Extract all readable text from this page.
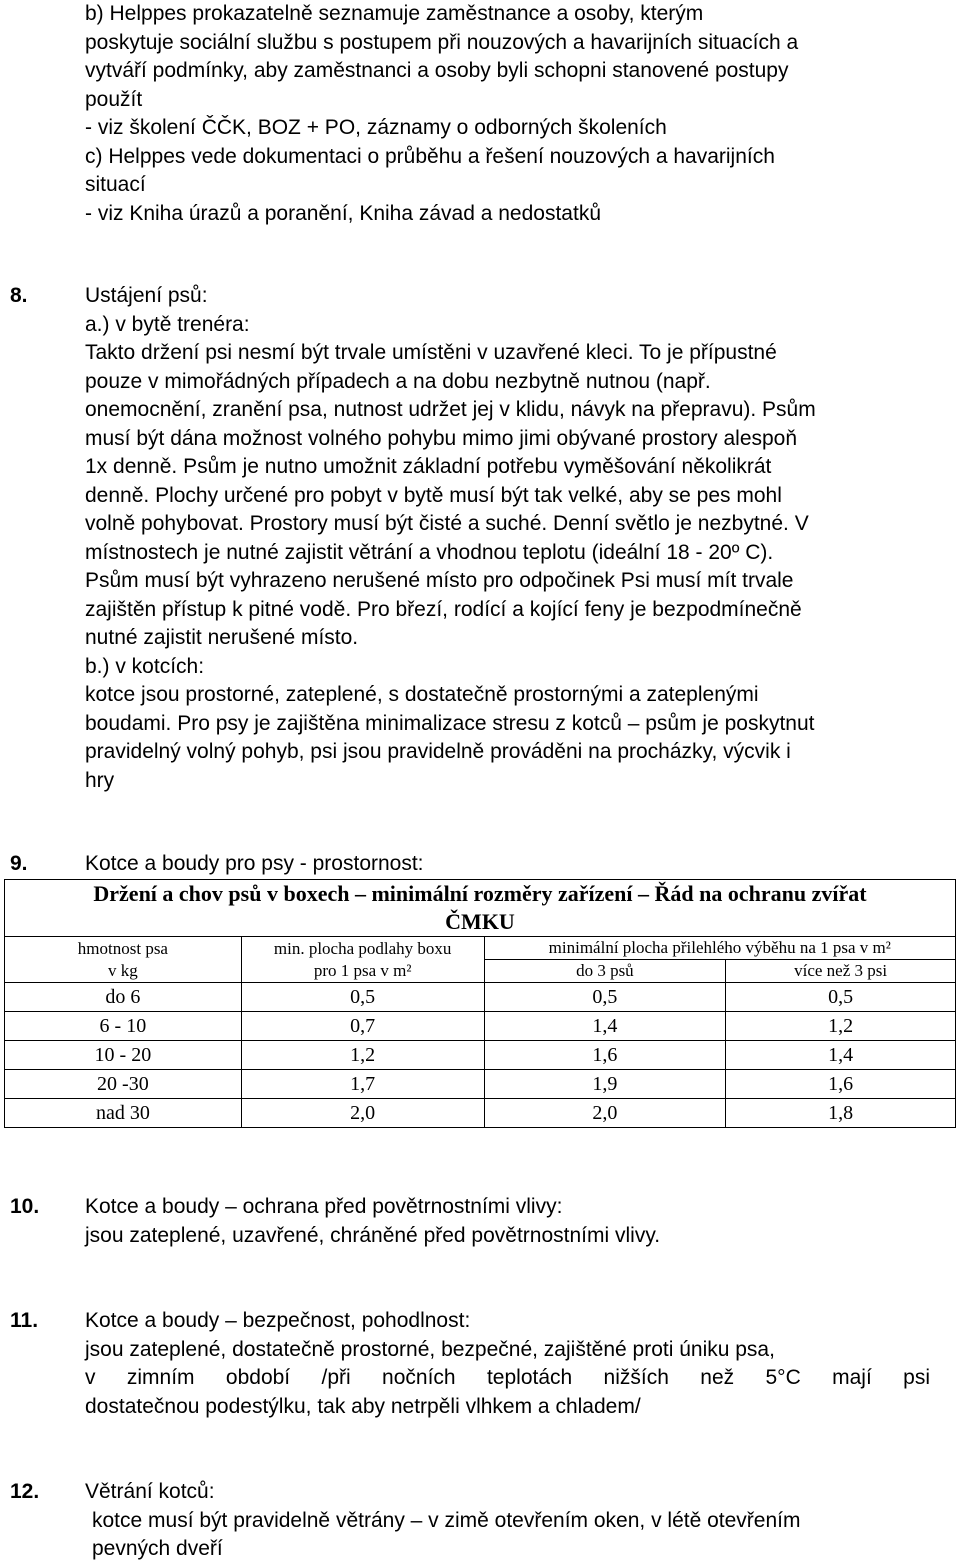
b) Helppes prokazatelně seznamuje zaměstnance a osoby, kterým

poskytuje sociální službu s postupem při nouzových a havarijních situacích a

vytváří podmínky, aby zaměstnanci a osoby byli schopni stanovené postupy

použít

- viz školení ČČK, BOZ + PO, záznamy o odborných školeních

c) Helppes vede dokumentaci o průběhu a řešení nouzových a havarijních

situací

- viz Kniha úrazů a poranění, Kniha závad a nedostatků

8.	Ustájení psů:

a.) v bytě trenéra:

Takto držení psi nesmí být trvale umístěni v uzavřené kleci. To je přípustné

pouze v mimořádných případech a na dobu nezbytně nutnou (např.

onemocnění, zranění psa, nutnost udržet jej v klidu, návyk na přepravu). Psům

musí být dána možnost volného pohybu mimo jimi obývané prostory alespoň

1x denně. Psům je nutno umožnit základní potřebu vyměšování několikrát

denně. Plochy určené pro pobyt v bytě musí být tak velké, aby se pes mohl

volně pohybovat. Prostory musí být čisté a suché. Denní světlo je nezbytné. V

místnostech je nutné zajistit větrání a vhodnou teplotu (ideální 18 - 20º C).

Psům musí být vyhrazeno nerušené místo pro odpočinek Psi musí mít trvale

zajištěn přístup k pitné vodě. Pro březí, rodící a kojící feny je bezpodmínečně

nutné zajistit nerušené místo.

b.) v kotcích:

kotce jsou prostorné, zateplené, s dostatečně prostornými a zateplenými

boudami. Pro psy je zajištěna minimalizace stresu z kotců – psům je poskytnut

pravidelný volný pohyb, psi jsou pravidelně prováděni na procházky, výcvik i

hry

9.	Kotce a boudy pro psy - prostornost:

Držení a chov psů v boxech – minimální rozměry zařízení – Řád na ochranu zvířat
ČMKU			

hmotnost psa
v kg	min. plocha podlahy boxu
pro 1 psa v m²	minimální plocha přilehlého výběhu na 1 psa v m²	
		do 3 psů	více než 3 psi
do 6	0,5	0,5	0,5
6 - 10	0,7	1,4	1,2
10 - 20	1,2	1,6	1,4
20 -30	1,7	1,9	1,6
nad 30	2,0	2,0	1,8
10. Kotce a boudy – ochrana před povětrnostními vlivy:

jsou zateplené, uzavřené, chráněné před povětrnostními vlivy.

11. Kotce a boudy – bezpečnost, pohodlnost:

jsou zateplené, dostatečně prostorné, bezpečné, zajištěné proti úniku psa,

v zimním období /při nočních teplotách nižších než 5°C mají psi

dostatečnou podestýlku, tak aby netrpěli vlhkem a chladem/

12. Větrání kotců:

kotce musí být pravidelně větrány – v zimě otevřením oken, v létě otevřením

pevných dveří
